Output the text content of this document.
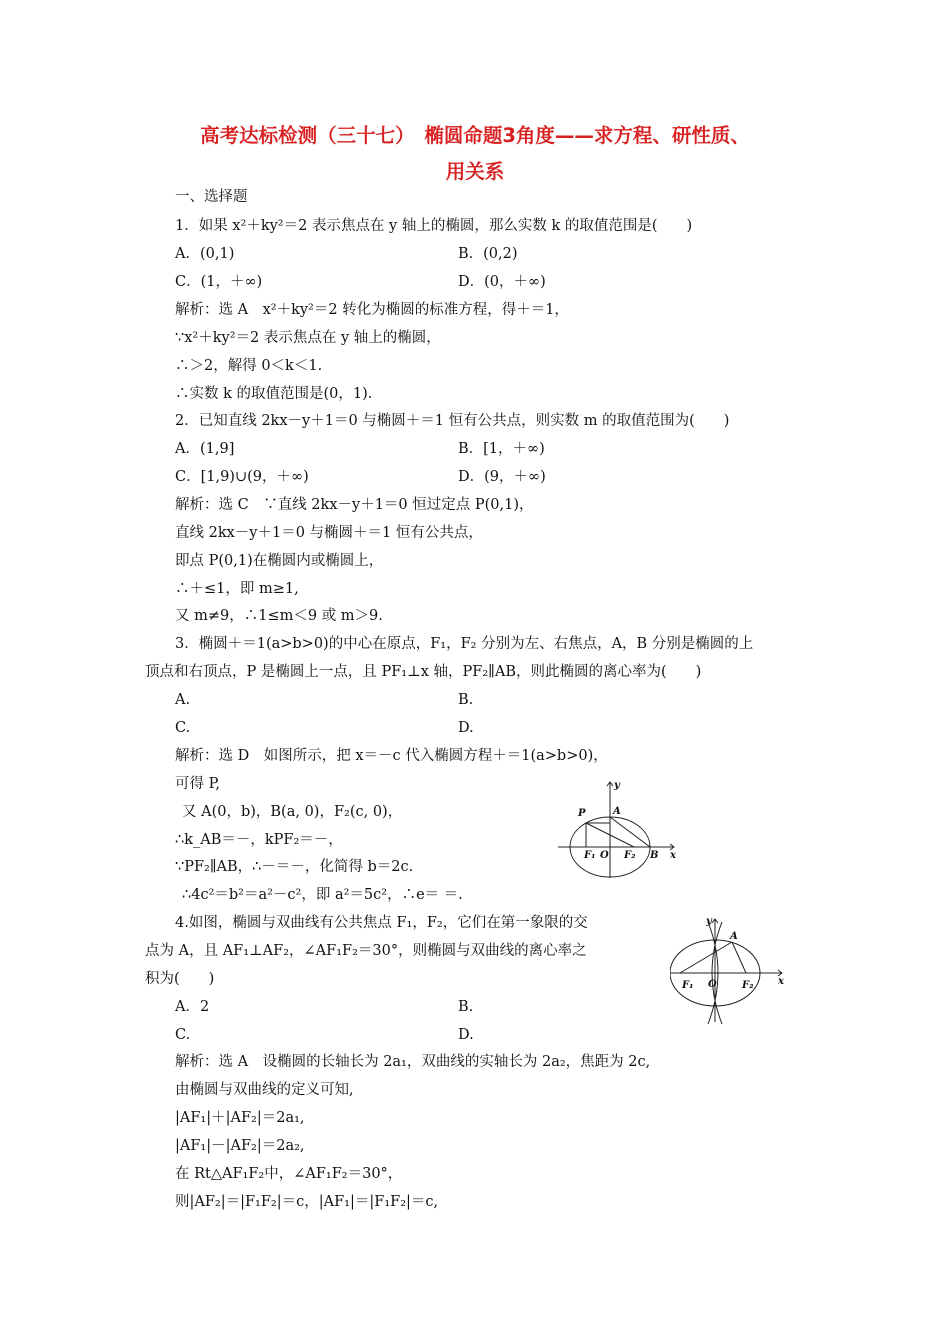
高考达标检测（三十七）　椭圆命题3角度——求方程、研性质、
用关系
一、选择题
1．如果 x²＋ky²＝2 表示焦点在 y 轴上的椭圆，那么实数 k 的取值范围是(　　)
A．(0,1)	B．(0,2)
C．(1，＋∞)	D．(0，＋∞)
解析：选 A　x²＋ky²＝2 转化为椭圆的标准方程，得＋＝1，
∵x²＋ky²＝2 表示焦点在 y 轴上的椭圆，
∴＞2，解得 0＜k＜1.
∴实数 k 的取值范围是(0，1).
2．已知直线 2kx－y＋1＝0 与椭圆＋＝1 恒有公共点，则实数 m 的取值范围为(　　)
A．(1,9]	B．[1，＋∞)
C．[1,9)∪(9，＋∞)	D．(9，＋∞)
解析：选 C　∵直线 2kx－y＋1＝0 恒过定点 P(0,1)，
直线 2kx－y＋1＝0 与椭圆＋＝1 恒有公共点，
即点 P(0,1)在椭圆内或椭圆上，
∴＋≤1，即 m≥1,
又 m≠9，∴1≤m＜9 或 m＞9.
3．椭圆＋＝1(a>b>0)的中心在原点，F₁，F₂ 分别为左、右焦点，A，B 分别是椭圆的上
顶点和右顶点，P 是椭圆上一点，且 PF₁⊥x 轴，PF₂∥AB，则此椭圆的离心率为(　　)
A.	B.
C.	D.
解析：选 D　如图所示，把 x＝－c 代入椭圆方程＋＝1(a>b>0)，
可得 P,
又 A(0，b)，B(a, 0)，F₂(c, 0)，
∴k_AB＝－，kPF₂＝－，
∵PF₂∥AB，∴－＝－，化简得 b＝2c.
∴4c²＝b²＝a²－c²，即 a²＝5c²，∴e＝ ＝.
4.如图，椭圆与双曲线有公共焦点 F₁，F₂，它们在第一象限的交
点为 A，且 AF₁⊥AF₂，∠AF₁F₂＝30°，则椭圆与双曲线的离心率之
积为(　　)
A．2	B.
C.	D.
解析：选 A　设椭圆的长轴长为 2a₁，双曲线的实轴长为 2a₂，焦距为 2c,
由椭圆与双曲线的定义可知,
|AF₁|＋|AF₂|＝2a₁,
|AF₁|－|AF₂|＝2a₂,
在 Rt△AF₁F₂中，∠AF₁F₂＝30°，
则|AF₂|＝|F₁F₂|＝c，|AF₁|＝|F₁F₂|＝c,
y
x
P	A
F₁ O F₂ B
y
x
A
F₁ O	F₂
